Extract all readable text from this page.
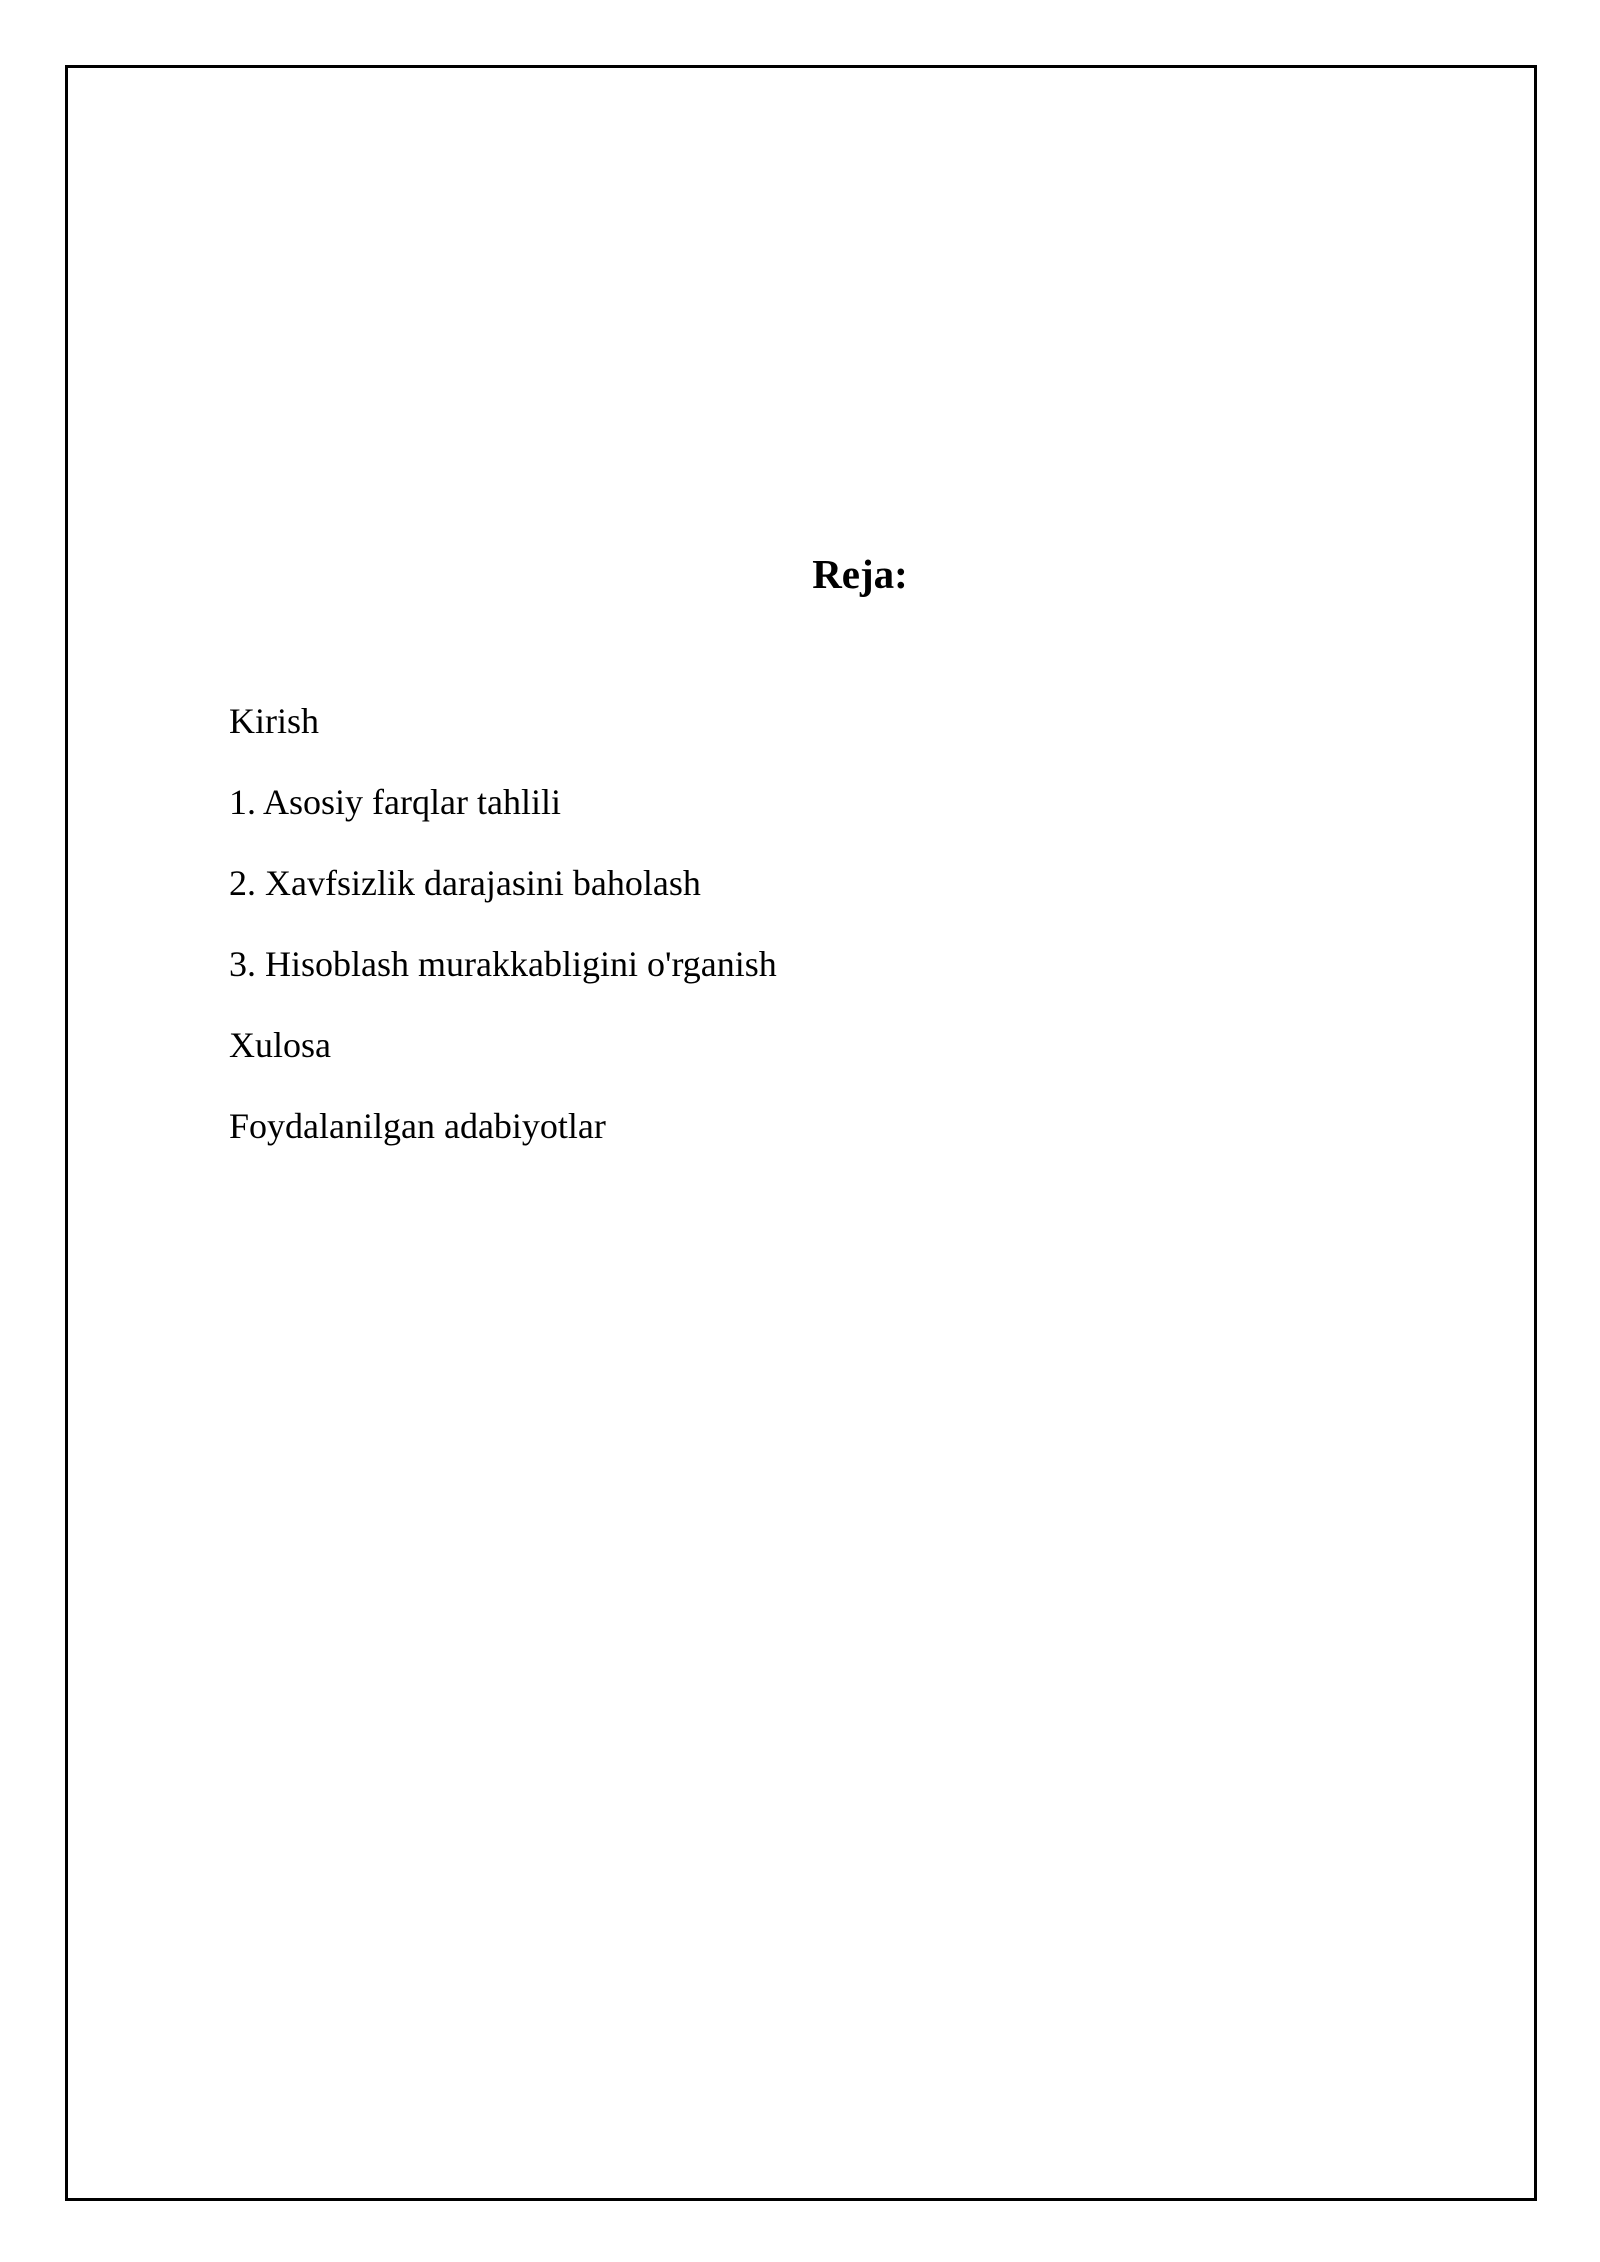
Reja:
Kirish
1. Asosiy farqlar tahlili
2. Xavfsizlik darajasini baholash
3. Hisoblash murakkabligini o'rganish
Xulosa
Foydalanilgan adabiyotlar
